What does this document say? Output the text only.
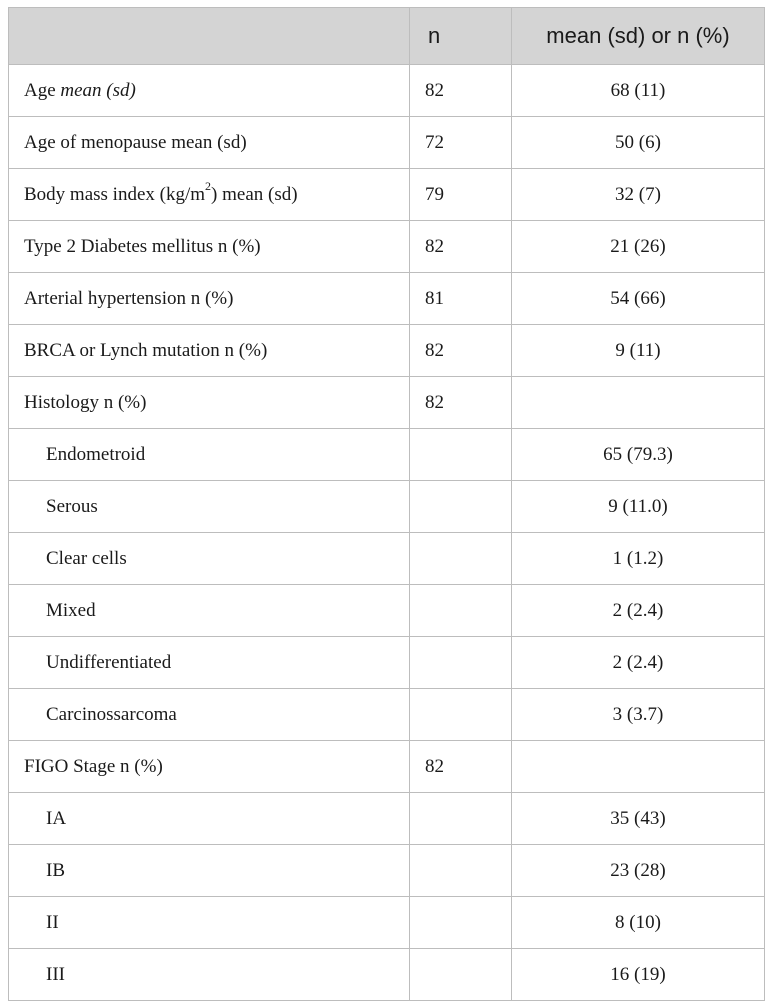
	n	mean (sd) or n (%)
Age mean (sd)	82	68 (11)
Age of menopause mean (sd)	72	50 (6)
Body mass index $(kg/m^2)$ mean (sd)	79	32 (7)
Type 2 Diabetes mellitus n (%)	82	21 (26)
Arterial hypertension n (%)	81	54 (66)
BRCA or Lynch mutation n (%)	82	9 (11)
Histology n (%)	82	
Endometroid		65 (79.3)
Serous		9 (11.0)
Clear cells		1 (1.2)
Mixed		2 (2.4)
Undifferentiated		2 (2.4)
Carcinossarcoma		3 (3.7)
FIGO Stage n (%)	82	
IA		35 (43)
IB		23 (28)
II		8 (10)
III		16 (19)
